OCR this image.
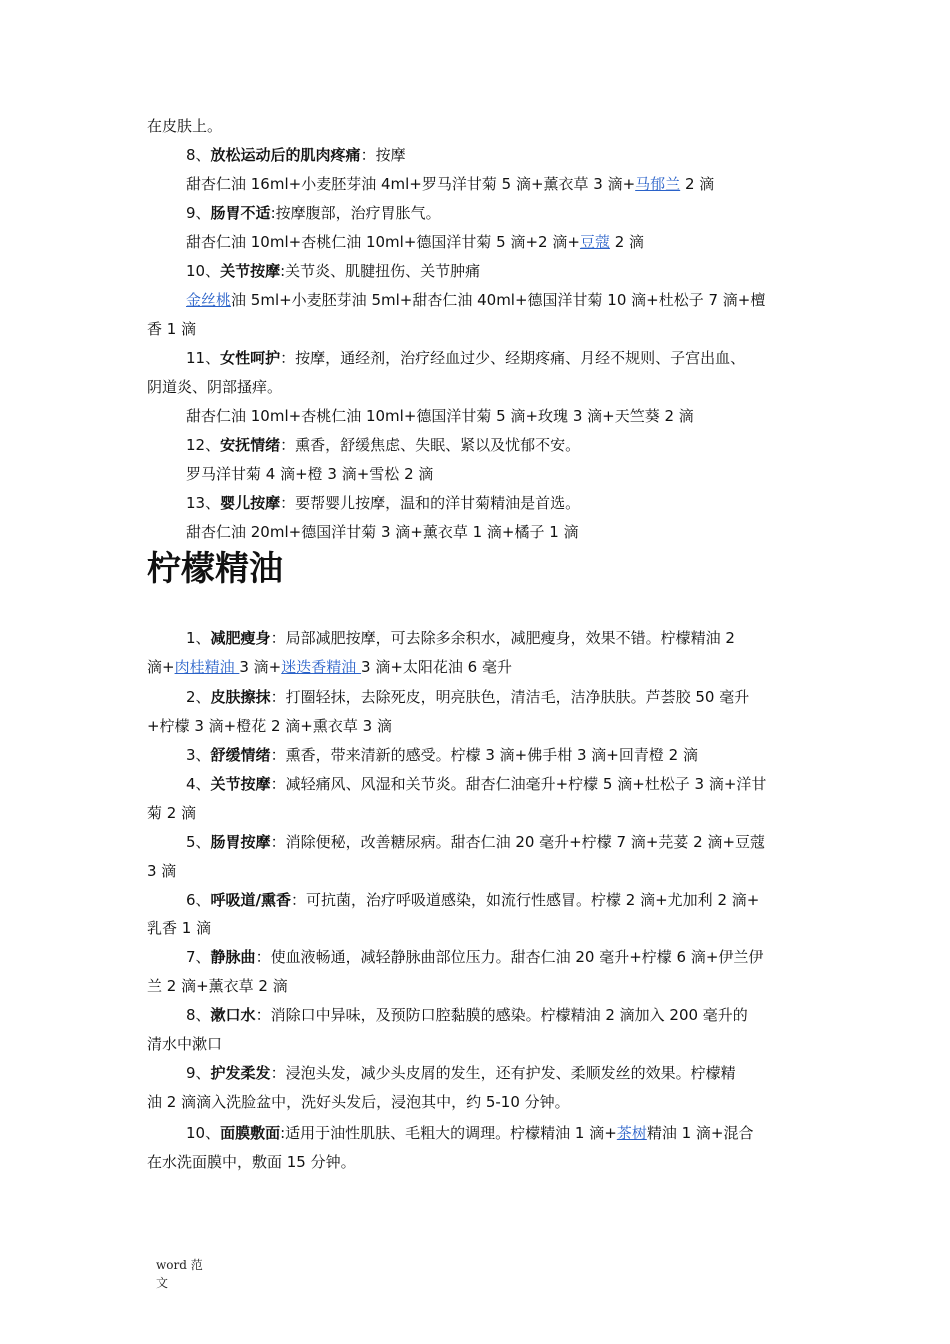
在皮肤上。
8、放松运动后的肌肉疼痛：按摩
甜杏仁油 16ml+小麦胚芽油 4ml+罗马洋甘菊 5 滴+薰衣草 3 滴+马郁兰 2 滴
9、肠胃不适:按摩腹部，治疗胃胀气。
甜杏仁油 10ml+杏桃仁油 10ml+德国洋甘菊 5 滴+2 滴+豆蔻 2 滴
10、关节按摩:关节炎、肌腱扭伤、关节肿痛
金丝桃油 5ml+小麦胚芽油 5ml+甜杏仁油 40ml+德国洋甘菊 10 滴+杜松子 7 滴+檀
香 1 滴
11、女性呵护：按摩，通经剂，治疗经血过少、经期疼痛、月经不规则、子宫出血、
阴道炎、阴部搔痒。
甜杏仁油 10ml+杏桃仁油 10ml+德国洋甘菊 5 滴+玫瑰 3 滴+天竺葵 2 滴
12、安抚情绪：熏香，舒缓焦虑、失眠、紧以及忧郁不安。
罗马洋甘菊 4 滴+橙 3 滴+雪松 2 滴
13、婴儿按摩：要帮婴儿按摩，温和的洋甘菊精油是首选。
甜杏仁油 20ml+德国洋甘菊 3 滴+薰衣草 1 滴+橘子 1 滴
柠檬精油
1、减肥瘦身：局部减肥按摩，可去除多余积水，减肥瘦身，效果不错。柠檬精油 2
滴+肉桂精油 3 滴+迷迭香精油 3 滴+太阳花油 6 毫升
2、皮肤擦抹：打圈轻抹，去除死皮，明亮肤色，清洁毛，洁净肤肤。芦荟胶 50 毫升
+柠檬 3 滴+橙花 2 滴+熏衣草 3 滴
3、舒缓情绪：熏香，带来清新的感受。柠檬 3 滴+佛手柑 3 滴+回青橙 2 滴
4、关节按摩：减轻痛风、风湿和关节炎。甜杏仁油毫升+柠檬 5 滴+杜松子 3 滴+洋甘
菊 2 滴
5、肠胃按摩：消除便秘，改善糖尿病。甜杏仁油 20 毫升+柠檬 7 滴+芫荽 2 滴+豆蔻
3 滴
6、呼吸道/熏香：可抗菌，治疗呼吸道感染，如流行性感冒。柠檬 2 滴+尤加利 2 滴+
乳香 1 滴
7、静脉曲：使血液畅通，减轻静脉曲部位压力。甜杏仁油 20 毫升+柠檬 6 滴+伊兰伊
兰 2 滴+薰衣草 2 滴
8、漱口水：消除口中异味，及预防口腔黏膜的感染。柠檬精油 2 滴加入 200 毫升的
清水中漱口
9、护发柔发：浸泡头发，减少头皮屑的发生，还有护发、柔顺发丝的效果。柠檬精
油 2 滴滴入洗脸盆中，洗好头发后，浸泡其中，约 5-10 分钟。
10、面膜敷面:适用于油性肌肤、毛粗大的调理。柠檬精油 1 滴+茶树精油 1 滴+混合
在水洗面膜中，敷面 15 分钟。
word 范
文
